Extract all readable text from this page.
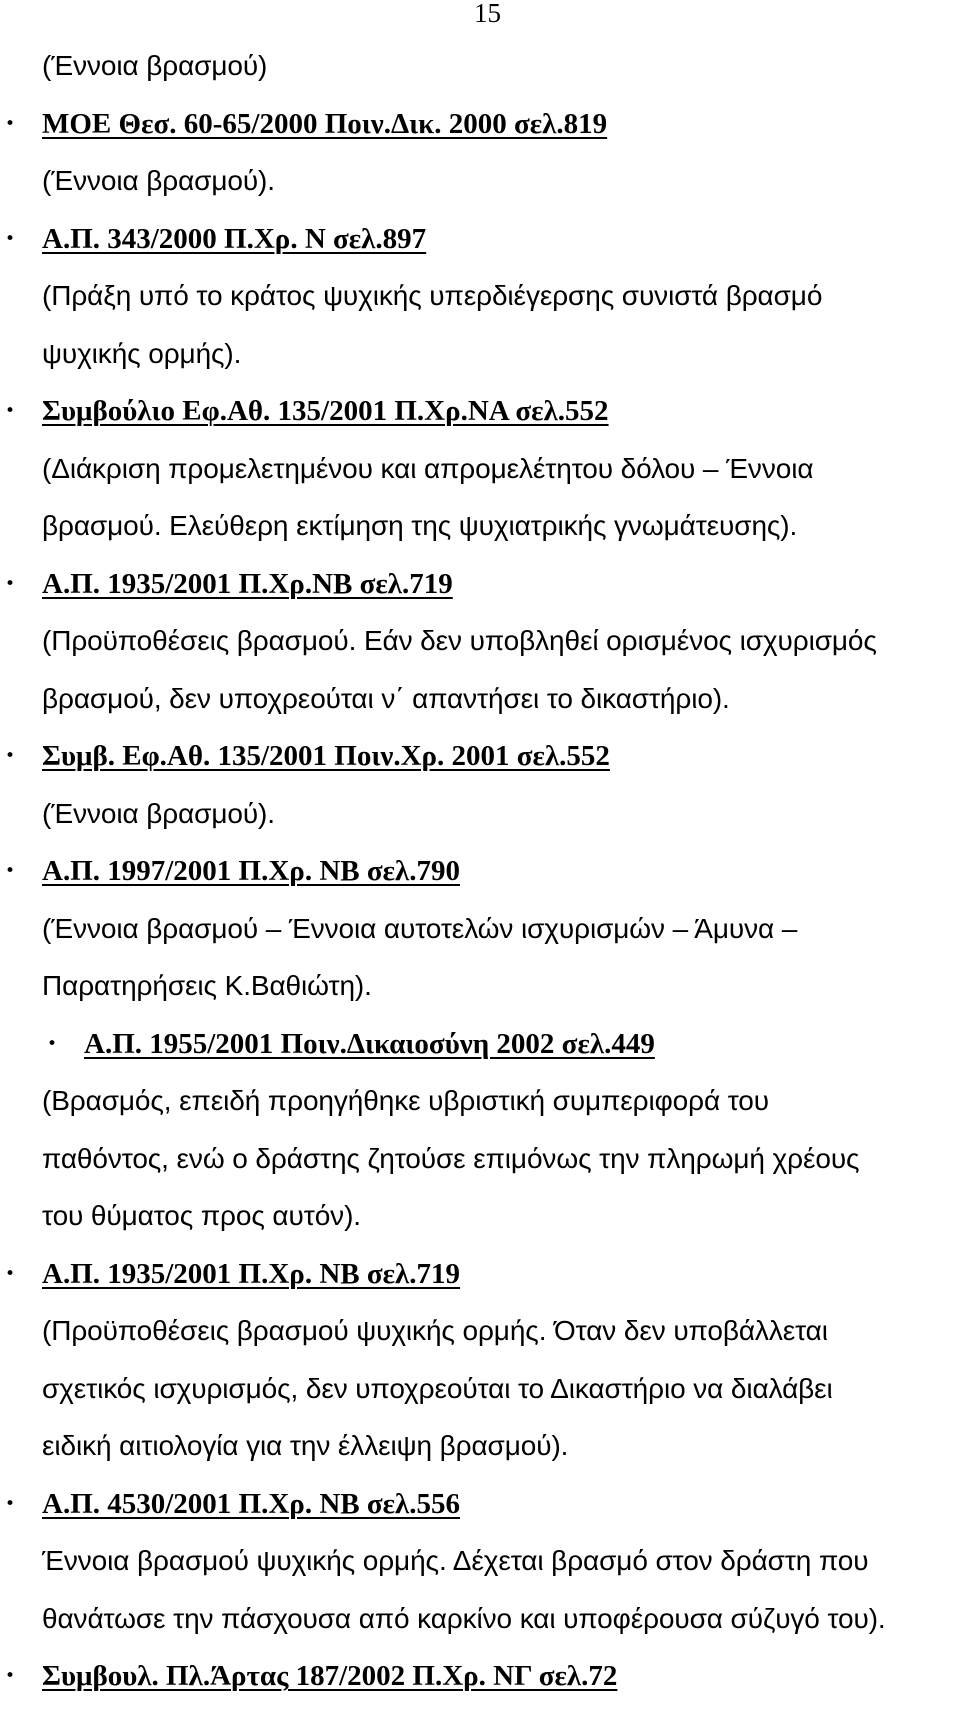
15
(Έννοια βρασμού)
• ΜΟΕ Θεσ. 60-65/2000 Ποιν.Δικ. 2000 σελ.819
(Έννοια βρασμού).
• Α.Π. 343/2000 Π.Χρ. Ν σελ.897
(Πράξη υπό το κράτος ψυχικής υπερδιέγερσης συνιστά βρασμό
ψυχικής ορμής).
• Συμβούλιο Εφ.Αθ. 135/2001 Π.Χρ.ΝΑ σελ.552
(Διάκριση προμελετημένου και απρομελέτητου δόλου – Έννοια
βρασμού. Ελεύθερη εκτίμηση της ψυχιατρικής γνωμάτευσης).
• Α.Π. 1935/2001 Π.Χρ.ΝΒ σελ.719
(Προϋποθέσεις βρασμού. Εάν δεν υποβληθεί ορισμένος ισχυρισμός
βρασμού, δεν υποχρεούται ν΄ απαντήσει το δικαστήριο).
• Συμβ. Εφ.Αθ. 135/2001 Ποιν.Χρ. 2001 σελ.552
(Έννοια βρασμού).
• Α.Π. 1997/2001 Π.Χρ. ΝΒ σελ.790
(Έννοια βρασμού – Έννοια αυτοτελών ισχυρισμών – Άμυνα –
Παρατηρήσεις Κ.Βαθιώτη).
• Α.Π. 1955/2001 Ποιν.Δικαιοσύνη 2002 σελ.449
(Βρασμός, επειδή προηγήθηκε υβριστική συμπεριφορά του
παθόντος, ενώ ο δράστης ζητούσε επιμόνως την πληρωμή χρέους
του θύματος προς αυτόν).
• Α.Π. 1935/2001 Π.Χρ. ΝΒ σελ.719
(Προϋποθέσεις βρασμού ψυχικής ορμής. Όταν δεν υποβάλλεται
σχετικός ισχυρισμός, δεν υποχρεούται το Δικαστήριο να διαλάβει
ειδική αιτιολογία για την έλλειψη βρασμού).
• Α.Π. 4530/2001 Π.Χρ. ΝΒ σελ.556
Έννοια βρασμού ψυχικής ορμής. Δέχεται βρασμό στον δράστη που
θανάτωσε την πάσχουσα από καρκίνο και υποφέρουσα σύζυγό του).
• Συμβουλ. Πλ.Άρτας 187/2002 Π.Χρ. ΝΓ σελ.72
